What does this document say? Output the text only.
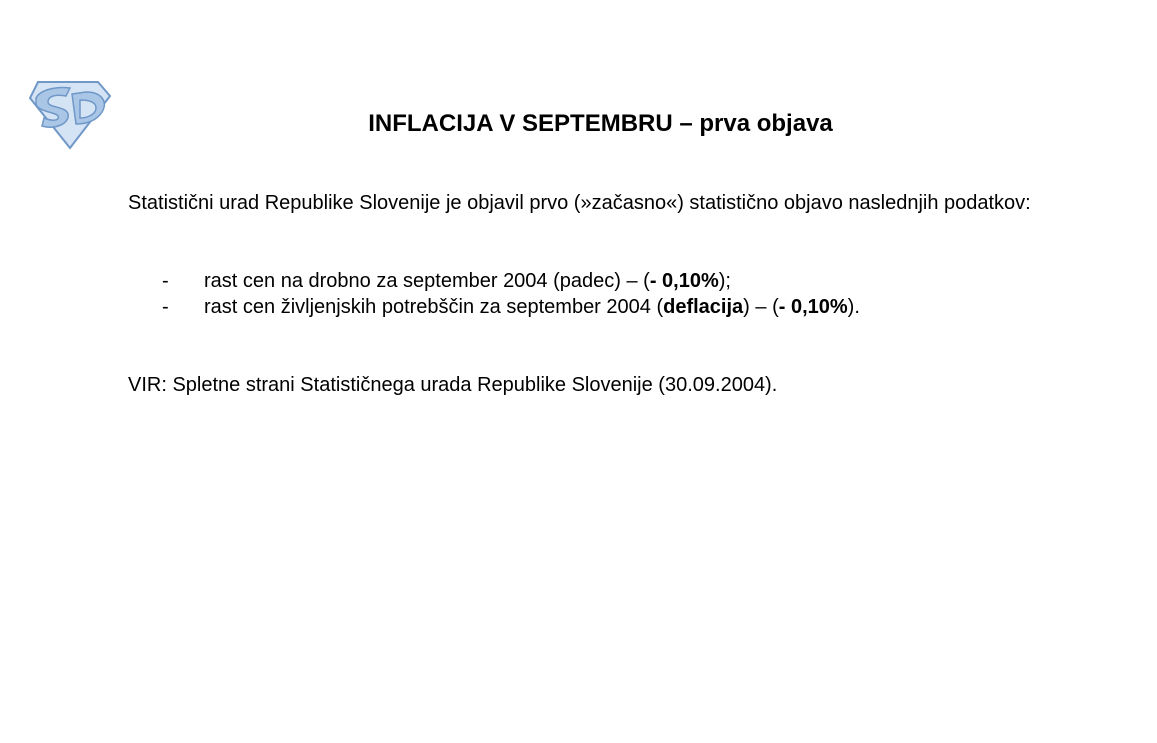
INFLACIJA V SEPTEMBRU – prva objava

Statistični urad Republike Slovenije je objavil prvo (»začasno«) statistično objavo naslednjih podatkov:

- rast cen na drobno za september 2004 (padec) – (- 0,10%);
- rast cen življenjskih potrebščin za september 2004 (deflacija) – (- 0,10%).

VIR: Spletne strani Statističnega urada Republike Slovenije (30.09.2004).
